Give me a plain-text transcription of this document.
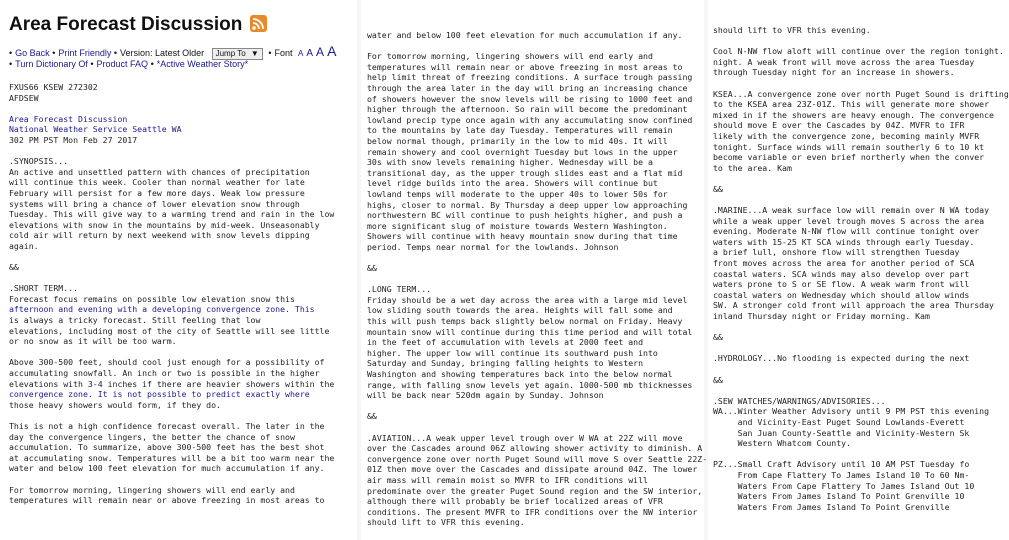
Area Forecast Discussion
• Go Back • Print Friendly • Version: Latest Older Jump To ▼ • Font A A A A
• Turn Dictionary Of • Product FAQ • *Active Weather Story*
FXUS66 KSEW 272302
AFDSEW

Area Forecast Discussion
National Weather Service Seattle WA
302 PM PST Mon Feb 27 2017

.SYNOPSIS...
An active and unsettled pattern with chances of precipitation
will continue this week. Cooler than normal weather for late
February will persist for a few more days. Weak low pressure
systems will bring a chance of lower elevation snow through
Tuesday. This will give way to a warming trend and rain in the low
elevations with snow in the mountains by mid-week. Unseasonably
cold air will return by next weekend with snow levels dipping
again.

&&

.SHORT TERM...
Forecast focus remains on possible low elevation snow this
afternoon and evening with a developing convergence zone. This
is always a tricky forecast. Still feeling that low
elevations, including most of the city of Seattle will see little
or no snow as it will be too warm.

Above 300-500 feet, should cool just enough for a possibility of
accumulating snowfall. An inch or two is possible in the higher
elevations with 3-4 inches if there are heavier showers within the
convergence zone. It is not possible to predict exactly where
those heavy showers would form, if they do.

This is not a high confidence forecast overall. The later in the
day the convergence lingers, the better the chance of snow
accumulation. To summarize, above 300-500 feet has the best shot
at accumulating snow. Temperatures will be a bit too warm near the
water and below 100 feet elevation for much accumulation if any.

For tomorrow morning, lingering showers will end early and
temperatures will remain near or above freezing in most areas to
water and below 100 feet elevation for much accumulation if any.

For tomorrow morning, lingering showers will end early and
temperatures will remain near or above freezing in most areas to
help limit threat of freezing conditions. A surface trough passing
through the area later in the day will bring an increasing chance
of showers however the snow levels will be rising to 1000 feet and
higher through the afternoon. So rain will become the predominant
lowland precip type once again with any accumulating snow confined
to the mountains by late day Tuesday. Temperatures will remain
below normal though, primarily in the low to mid 40s. It will
remain showery and cool overnight Tuesday but lows in the upper
30s with snow levels remaining higher. Wednesday will be a
transitional day, as the upper trough slides east and a flat mid
level ridge builds into the area. Showers will continue but
lowland temps will moderate to the upper 40s to lower 50s for
highs, closer to normal. By Thursday a deep upper low approaching
northwestern BC will continue to push heights higher, and push a
more significant slug of moisture towards Western Washington.
Showers will continue with heavy mountain snow during that time
period. Temps near normal for the lowlands. Johnson

&&

.LONG TERM...
Friday should be a wet day across the area with a large mid level
low sliding south towards the area. Heights will fall some and
this will push temps back slightly below normal on Friday. Heavy
mountain snow will continue during this time period and will total
in the feet of accumulation with levels at 2000 feet and
higher. The upper low will continue its southward push into
Saturday and Sunday, bringing falling heights to Western
Washington and showing temperatures back into the below normal
range, with falling snow levels yet again. 1000-500 mb thicknesses
will be back near 520dm again by Sunday. Johnson

&&

.AVIATION...A weak upper level trough over W WA at 22Z will move
over the Cascades around 06Z allowing shower activity to diminish. A
convergence zone over north Puget Sound will move S over Seattle 22Z-
01Z then move over the Cascades and dissipate around 04Z. The lower
air mass will remain moist so MVFR to IFR conditions will
predominate over the greater Puget Sound region and the SW interior,
although there will probably be brief localized areas of VFR
conditions. The present MVFR to IFR conditions over the NW interior
should lift to VFR this evening.
should lift to VFR this evening.

Cool N-NW flow aloft will continue over the region tonight.
night. A weak front will move across the area Tuesday
through Tuesday night for an increase in showers.

KSEA...A convergence zone over north Puget Sound is drifting
to the KSEA area 23Z-01Z. This will generate more shower
mixed in if the showers are heavy enough. The convergence
should move E over the Cascades by 04Z. MVFR to IFR
likely with the convergence zone, becoming mainly MVFR
tonight. Surface winds will remain southerly 6 to 10 kt
become variable or even brief northerly when the conver
to the area. Kam

&&

.MARINE...A weak surface low will remain over N WA today
while a weak upper level trough moves S across the area
evening. Moderate N-NW flow will continue tonight over
waters with 15-25 KT SCA winds through early Tuesday.
a brief lull, onshore flow will strengthen Tuesday
front moves across the area for another period of SCA
coastal waters. SCA winds may also develop over part
waters prone to S or SE flow. A weak warm front will
coastal waters on Wednesday which should allow winds
SW. A stronger cold front will approach the area Thursday
inland Thursday night or Friday morning. Kam

&&

.HYDROLOGY...No flooding is expected during the next

&&

.SEW WATCHES/WARNINGS/ADVISORIES...
WA...Winter Weather Advisory until 9 PM PST this evening
and Vicinity-East Puget Sound Lowlands-Everett
San Juan County-Seattle and Vicinity-Western Sk
Western Whatcom County.

PZ...Small Craft Advisory until 10 AM PST Tuesday fo
From Cape Flattery To James Island 10 To 60 Nm-
Waters From Cape Flattery To James Island Out 10
Waters From James Island To Point Grenville 10
Waters From James Island To Point Grenville
